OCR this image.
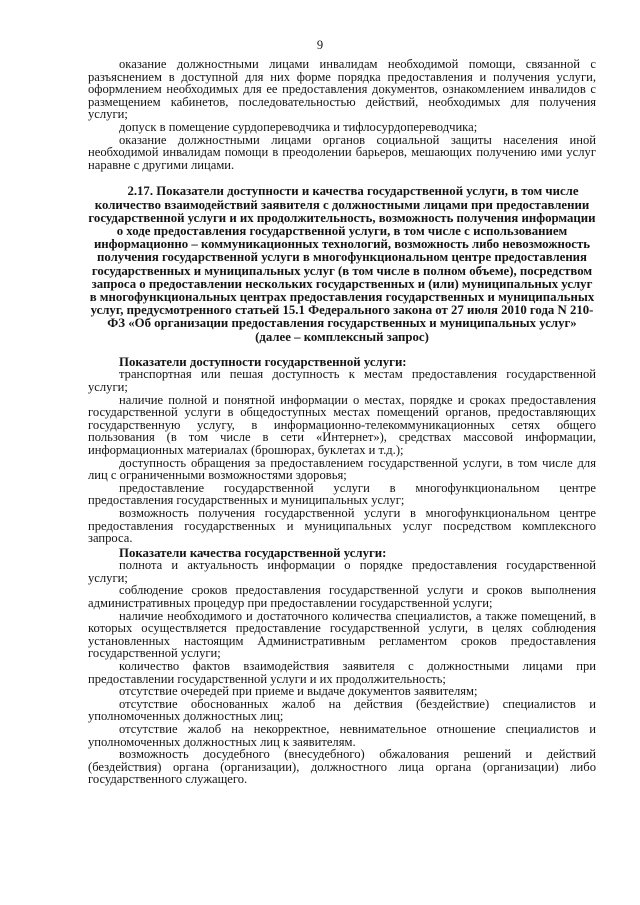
9

оказание должностными лицами инвалидам необходимой помощи, связанной с разъяснением в доступной для них форме порядка предоставления и получения услуги, оформлением необходимых для ее предоставления документов, ознакомлением инвалидов с размещением кабинетов, последовательностью действий, необходимых для получения услуги;

допуск в помещение сурдопереводчика и тифлосурдопереводчика;

оказание должностными лицами органов социальной защиты населения иной необходимой инвалидам помощи в преодолении барьеров, мешающих получению ими услуг наравне с другими лицами.

2.17. Показатели доступности и качества государственной услуги, в том числе количество взаимодействий заявителя с должностными лицами при предоставлении государственной услуги и их продолжительность, возможность получения информации о ходе предоставления государственной услуги, в том числе с использованием информационно – коммуникационных технологий, возможность либо невозможность получения государственной услуги в многофункциональном центре предоставления государственных и муниципальных услуг (в том числе в полном объеме), посредством запроса о предоставлении нескольких государственных и (или) муниципальных услуг в многофункциональных центрах предоставления государственных и муниципальных услуг, предусмотренного статьей 15.1 Федерального закона от 27 июля 2010 года N 210-ФЗ «Об организации предоставления государственных и муниципальных услуг» (далее – комплексный запрос)

Показатели доступности государственной услуги:

транспортная или пешая доступность к местам предоставления государственной услуги;

наличие полной и понятной информации о местах, порядке и сроках предоставления государственной услуги в общедоступных местах помещений органов, предоставляющих государственную услугу, в информационно-телекоммуникационных сетях общего пользования (в том числе в сети «Интернет»), средствах массовой информации, информационных материалах (брошюрах, буклетах и т.д.);

доступность обращения за предоставлением государственной услуги, в том числе для лиц с ограниченными возможностями здоровья;

предоставление государственной услуги в многофункциональном центре предоставления государственных и муниципальных услуг;

возможность получения государственной услуги в многофункциональном центре предоставления государственных и муниципальных услуг посредством комплексного запроса.

Показатели качества государственной услуги:

полнота и актуальность информации о порядке предоставления государственной услуги;

соблюдение сроков предоставления государственной услуги и сроков выполнения административных процедур при предоставлении государственной услуги;

наличие необходимого и достаточного количества специалистов, а также помещений, в которых осуществляется предоставление государственной услуги, в целях соблюдения установленных настоящим Административным регламентом сроков предоставления государственной услуги;

количество фактов взаимодействия заявителя с должностными лицами при предоставлении государственной услуги и их продолжительность;

отсутствие очередей при приеме и выдаче документов заявителям;

отсутствие обоснованных жалоб на действия (бездействие) специалистов и уполномоченных должностных лиц;

отсутствие жалоб на некорректное, невнимательное отношение специалистов и уполномоченных должностных лиц к заявителям.

возможность досудебного (внесудебного) обжалования решений и действий (бездействия) органа (организации), должностного лица органа (организации) либо государственного служащего.
